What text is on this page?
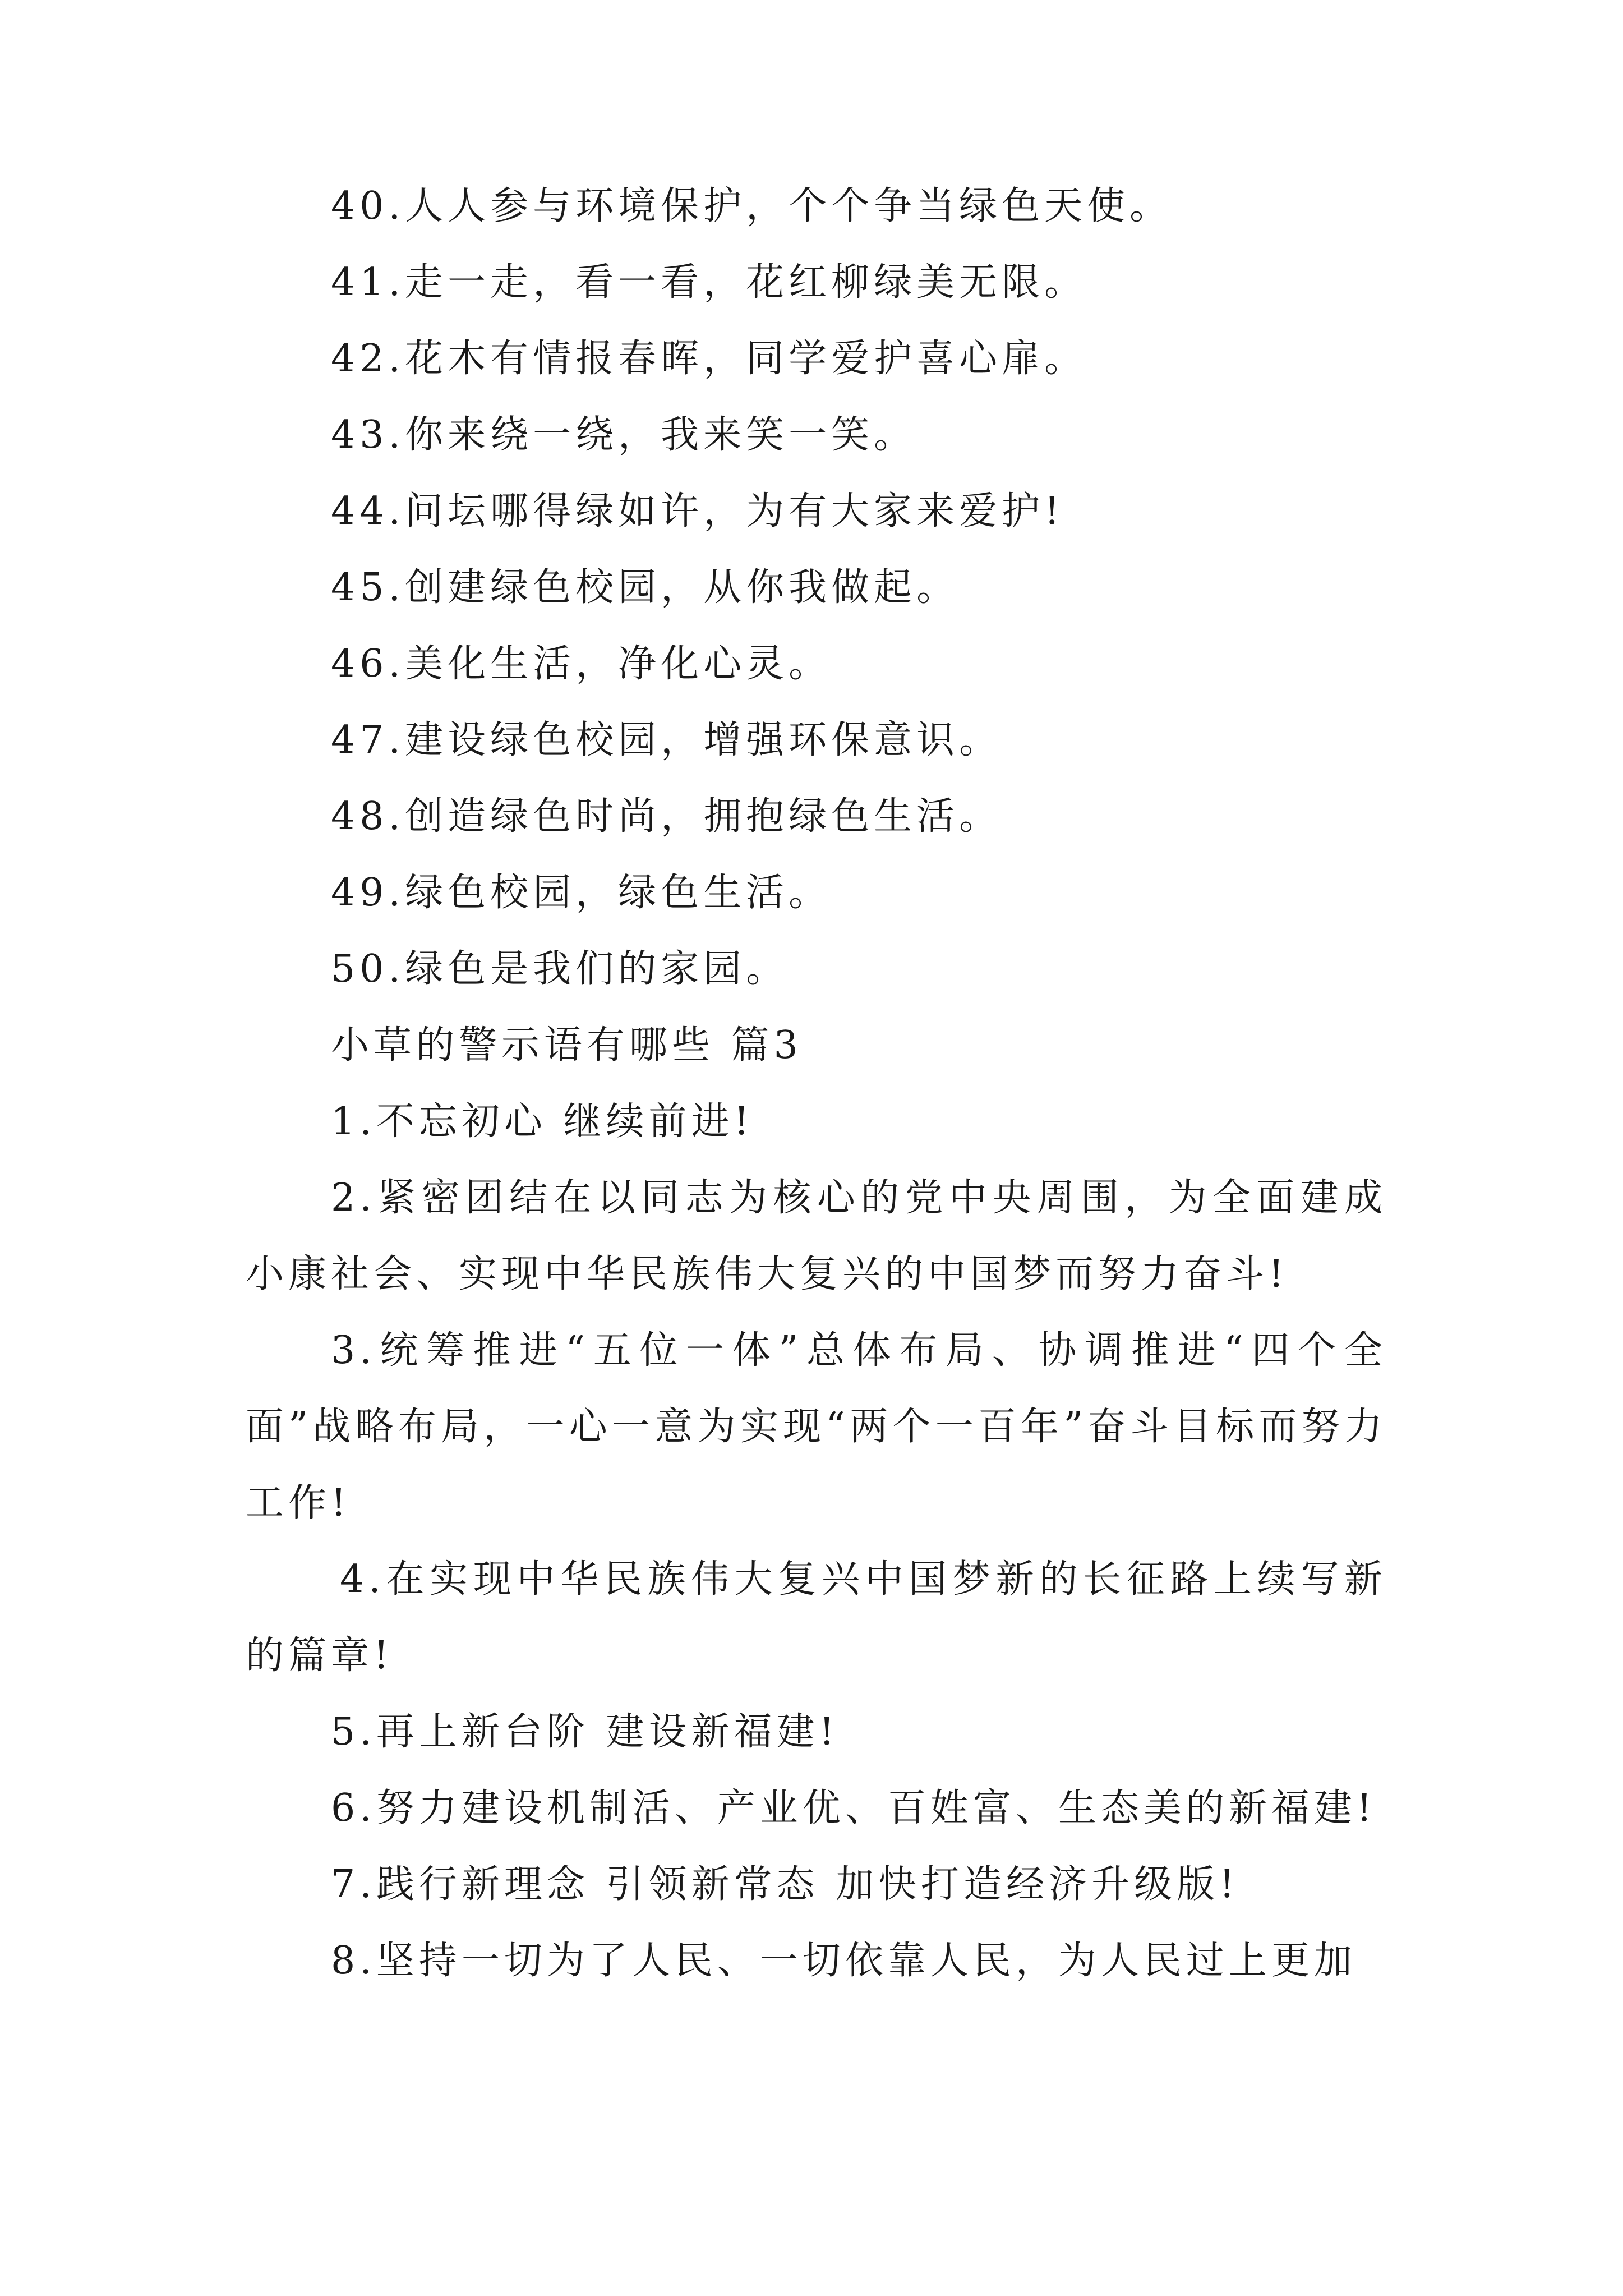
40.人人参与环境保护，个个争当绿色天使。

41.走一走，看一看，花红柳绿美无限。

42.花木有情报春晖，同学爱护喜心扉。

43.你来绕一绕，我来笑一笑。

44.问坛哪得绿如许，为有大家来爱护!

45.创建绿色校园，从你我做起。

46.美化生活，净化心灵。

47.建设绿色校园，增强环保意识。

48.创造绿色时尚，拥抱绿色生活。

49.绿色校园，绿色生活。

50.绿色是我们的家园。

小草的警示语有哪些 篇3

1.不忘初心 继续前进!

2.紧密团结在以同志为核心的党中央周围，为全面建成小康社会、实现中华民族伟大复兴的中国梦而努力奋斗!

3.统筹推进“五位一体”总体布局、协调推进“四个全面”战略布局，一心一意为实现“两个一百年”奋斗目标而努力工作!

4.在实现中华民族伟大复兴中国梦新的长征路上续写新的篇章!

5.再上新台阶 建设新福建!

6.努力建设机制活、产业优、百姓富、生态美的新福建!

7.践行新理念 引领新常态 加快打造经济升级版!

8.坚持一切为了人民、一切依靠人民，为人民过上更加
